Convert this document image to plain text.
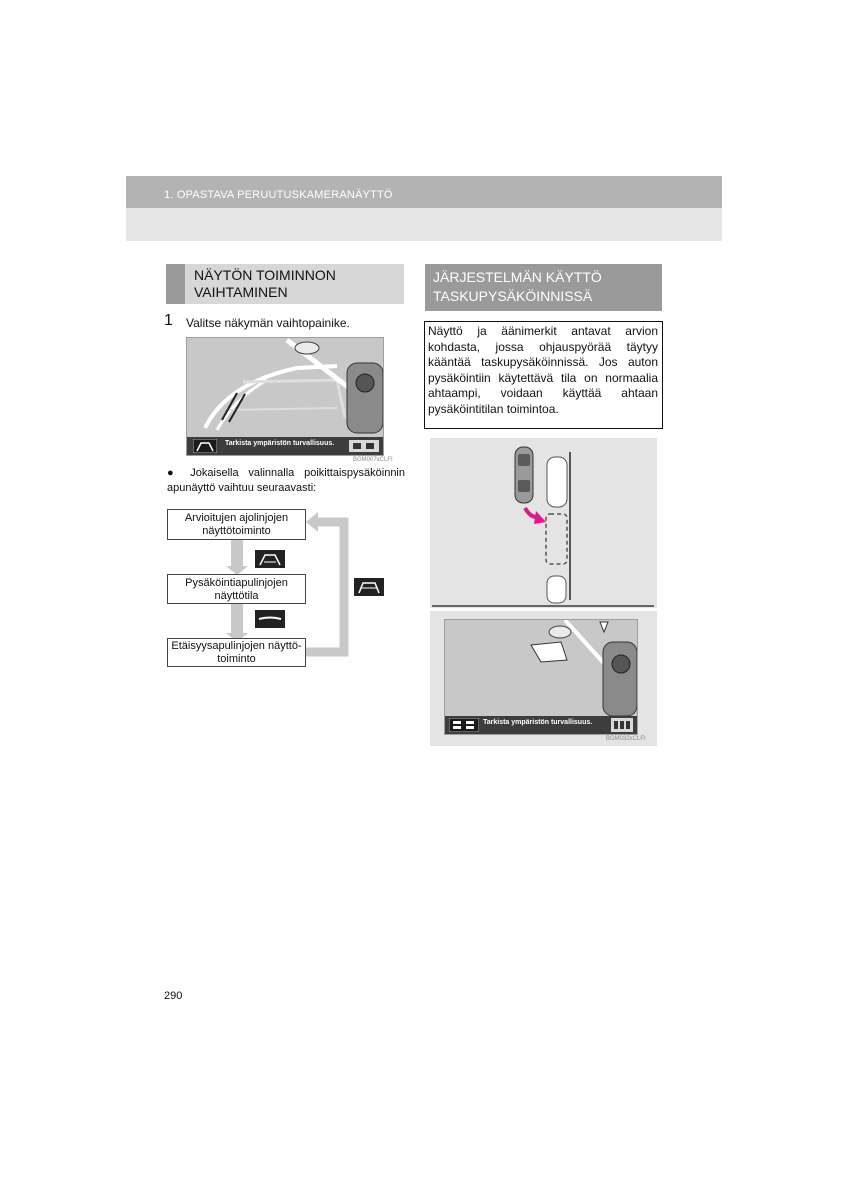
1. OPASTAVA PERUUTUSKAMERANÄYTTÖ
NÄYTÖN TOIMINNON VAIHTAMINEN
1 Valitse näkymän vaihtopainike.
Tarkista ympäristön turvallisuus.
BGM007xCLFI
● Jokaisella valinnalla poikittaispysäköinnin apunäyttö vaihtuu seuraavasti:
Arvioitujen ajolinjojen näyttötoiminto
Pysäköintiapulinjojen näyttötila
Etäisyysapulinjojen näyttö-toiminto
JÄRJESTELMÄN KÄYTTÖ TASKUPYSÄKÖINNISSÄ
Näyttö ja äänimerkit antavat arvion kohdasta, jossa ohjauspyörää täytyy kääntää taskupysäköinnissä. Jos auton pysäköintiin käytettävä tila on normaalia ahtaampi, voidaan käyttää ahtaan pysäköintitilan toimintoa.
Tarkista ympäristön turvallisuus.
BGM032xCLFI
290
